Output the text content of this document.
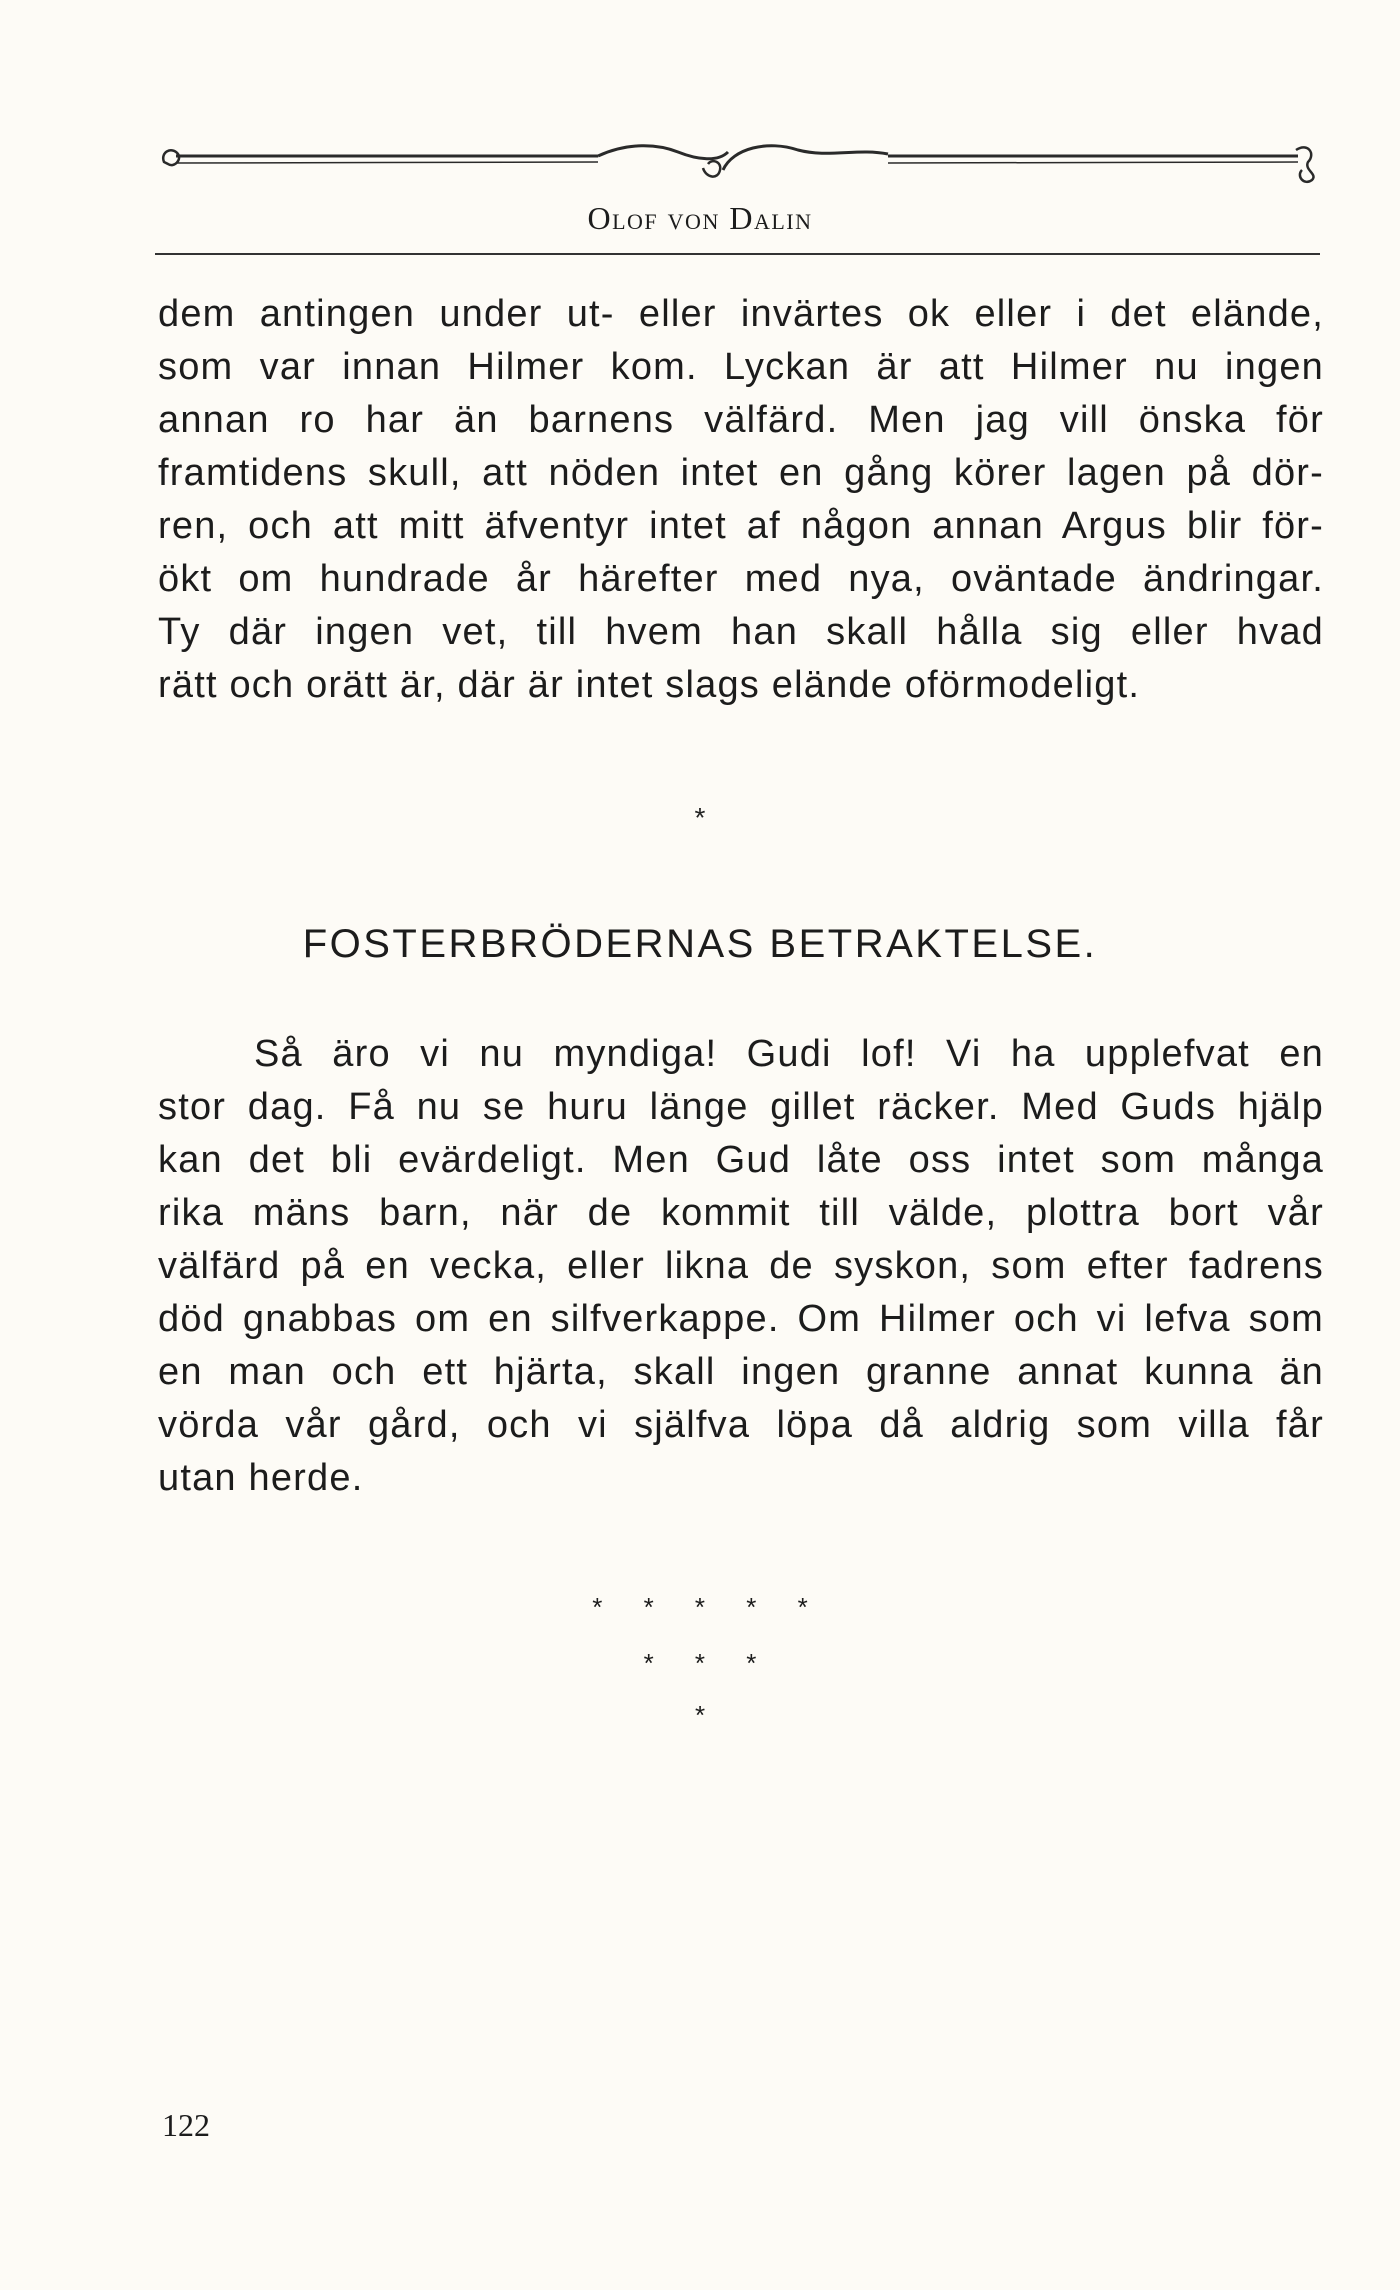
Olof von Dalin
dem antingen under ut- eller invärtes ok eller i det elände,
som var innan Hilmer kom. Lyckan är att Hilmer nu ingen
annan ro har än barnens välfärd. Men jag vill önska för
framtidens skull, att nöden intet en gång körer lagen på dör-
ren, och att mitt äfventyr intet af någon annan Argus blir för-
ökt om hundrade år härefter med nya, oväntade ändringar.
Ty där ingen vet, till hvem han skall hålla sig eller hvad
rätt och orätt är, där är intet slags elände oförmodeligt.
*
FOSTERBRÖDERNAS BETRAKTELSE.
Så äro vi nu myndiga! Gudi lof! Vi ha upplefvat en
stor dag. Få nu se huru länge gillet räcker. Med Guds hjälp
kan det bli evärdeligt. Men Gud låte oss intet som många
rika mäns barn, när de kommit till välde, plottra bort vår
välfärd på en vecka, eller likna de syskon, som efter fadrens
död gnabbas om en silfverkappe. Om Hilmer och vi lefva som
en man och ett hjärta, skall ingen granne annat kunna än
vörda vår gård, och vi själfva löpa då aldrig som villa får
utan herde.
* * * * *
* * *
*
122
